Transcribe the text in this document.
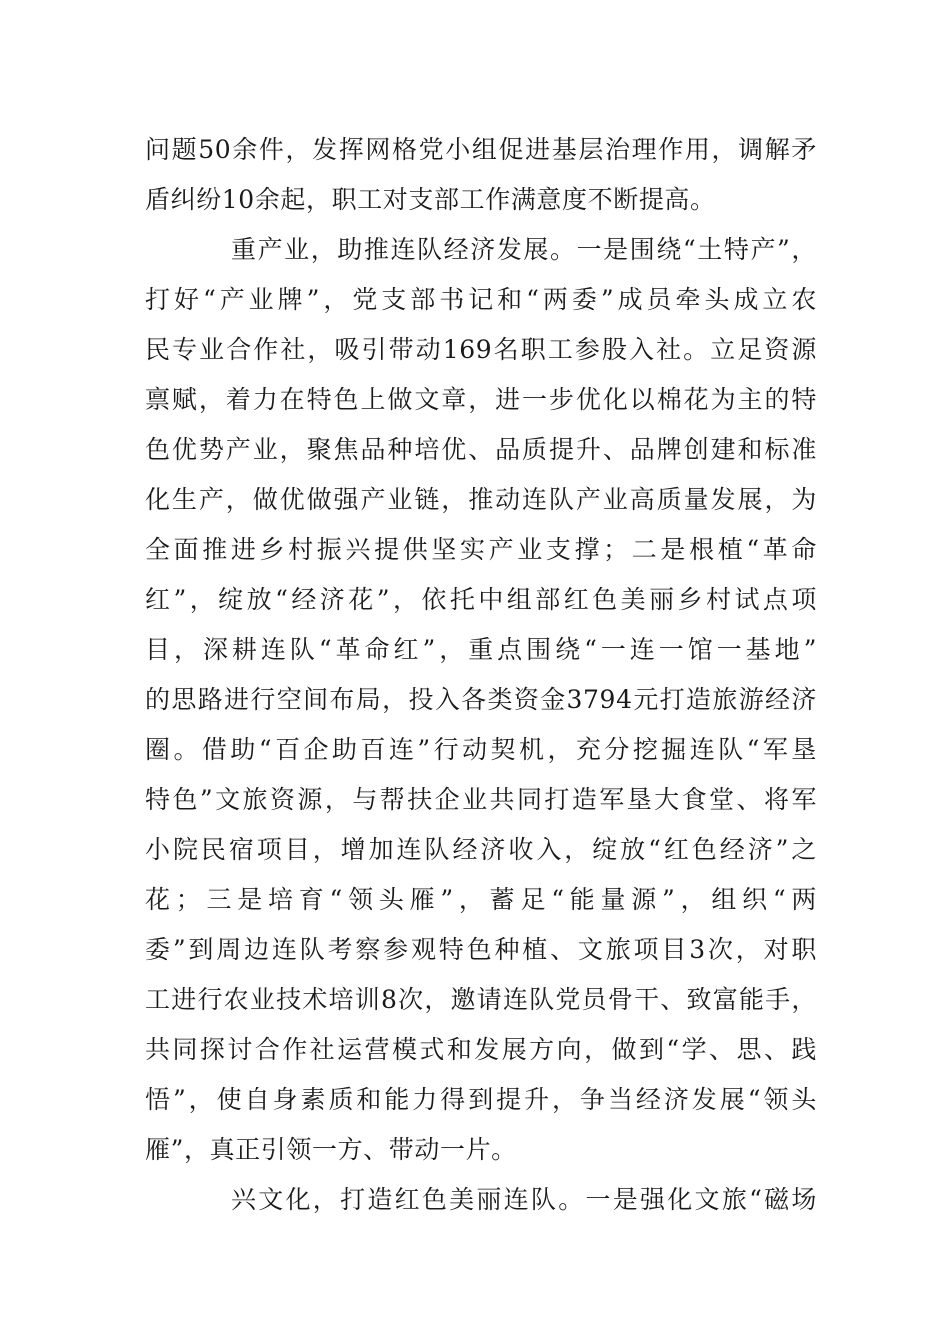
问题50余件，发挥网格党小组促进基层治理作用，调解矛
盾纠纷10余起，职工对支部工作满意度不断提高。
重产业，助推连队经济发展。一是围绕“土特产”，
打好“产业牌”，党支部书记和“两委”成员牵头成立农
民专业合作社，吸引带动169名职工参股入社。立足资源
禀赋，着力在特色上做文章，进一步优化以棉花为主的特
色优势产业，聚焦品种培优、品质提升、品牌创建和标准
化生产，做优做强产业链，推动连队产业高质量发展，为
全面推进乡村振兴提供坚实产业支撑；二是根植“革命
红”，绽放“经济花”，依托中组部红色美丽乡村试点项
目，深耕连队“革命红”，重点围绕“一连一馆一基地”
的思路进行空间布局，投入各类资金3794元打造旅游经济
圈。借助“百企助百连”行动契机，充分挖掘连队“军垦
特色”文旅资源，与帮扶企业共同打造军垦大食堂、将军
小院民宿项目，增加连队经济收入，绽放“红色经济”之
花；三是培育“领头雁”，蓄足“能量源”，组织“两
委”到周边连队考察参观特色种植、文旅项目3次，对职
工进行农业技术培训8次，邀请连队党员骨干、致富能手，
共同探讨合作社运营模式和发展方向，做到“学、思、践
悟”，使自身素质和能力得到提升，争当经济发展“领头
雁”，真正引领一方、带动一片。
兴文化，打造红色美丽连队。一是强化文旅“磁场
